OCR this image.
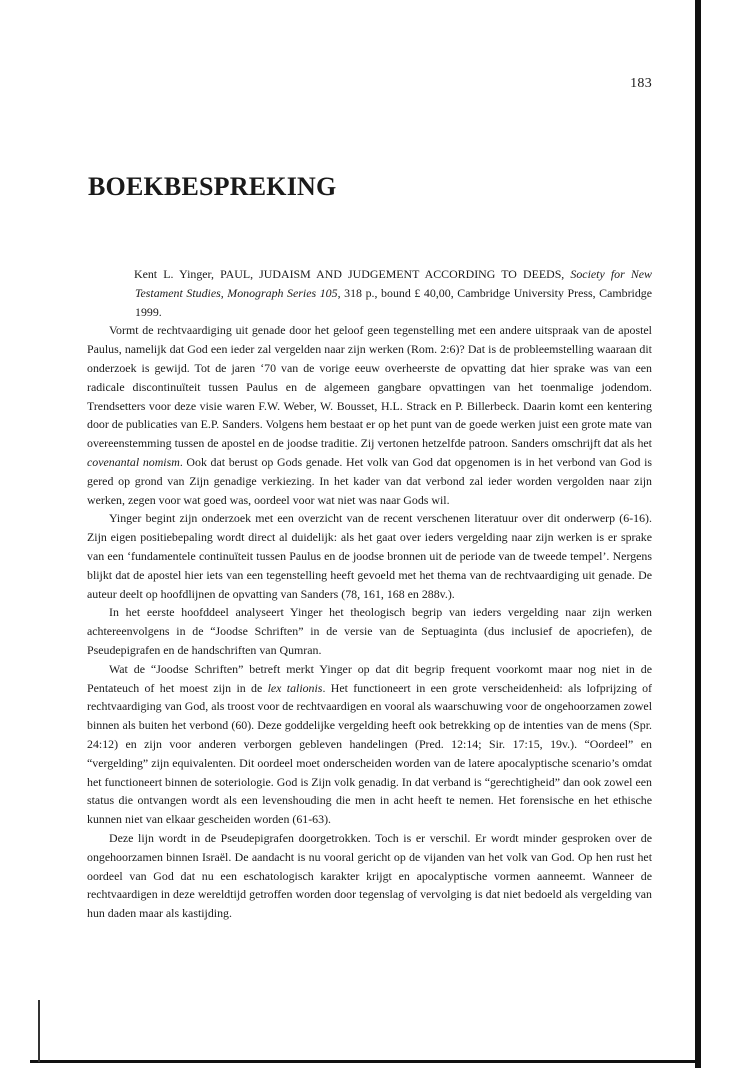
183
BOEKBESPREKING

Kent L. Yinger, PAUL, JUDAISM AND JUDGEMENT ACCORDING TO DEEDS, Society for New Testament Studies, Monograph Series 105, 318 p., bound £ 40,00, Cambridge University Press, Cambridge 1999.

Vormt de rechtvaardiging uit genade door het geloof geen tegenstelling met een andere uitspraak van de apostel Paulus, namelijk dat God een ieder zal vergelden naar zijn werken (Rom. 2:6)? Dat is de probleemstelling waaraan dit onderzoek is gewijd. Tot de jaren ‘70 van de vorige eeuw overheerste de opvatting dat hier sprake was van een radicale discontinuïteit tussen Paulus en de algemeen gangbare opvattingen van het toenmalige jodendom. Trendsetters voor deze visie waren F.W. Weber, W. Bousset, H.L. Strack en P. Billerbeck. Daarin komt een kentering door de publicaties van E.P. Sanders. Volgens hem bestaat er op het punt van de goede werken juist een grote mate van overeenstemming tussen de apostel en de joodse traditie. Zij vertonen hetzelfde patroon. Sanders omschrijft dat als het covenantal nomism. Ook dat berust op Gods genade. Het volk van God dat opgenomen is in het verbond van God is gered op grond van Zijn genadige verkiezing. In het kader van dat verbond zal ieder worden vergolden naar zijn werken, zegen voor wat goed was, oordeel voor wat niet was naar Gods wil.

Yinger begint zijn onderzoek met een overzicht van de recent verschenen literatuur over dit onderwerp (6-16). Zijn eigen positiebepaling wordt direct al duidelijk: als het gaat over ieders vergelding naar zijn werken is er sprake van een ‘fundamentele continuïteit tussen Paulus en de joodse bronnen uit de periode van de tweede tempel’. Nergens blijkt dat de apostel hier iets van een tegenstelling heeft gevoeld met het thema van de rechtvaardiging uit genade. De auteur deelt op hoofdlijnen de opvatting van Sanders (78, 161, 168 en 288v.).

In het eerste hoofddeel analyseert Yinger het theologisch begrip van ieders vergelding naar zijn werken achtereenvolgens in de “Joodse Schriften” in de versie van de Septuaginta (dus inclusief de apocriefen), de Pseudepigrafen en de handschriften van Qumran.

Wat de “Joodse Schriften” betreft merkt Yinger op dat dit begrip frequent voorkomt maar nog niet in de Pentateuch of het moest zijn in de lex talionis. Het functioneert in een grote verscheidenheid: als lofprijzing of rechtvaardiging van God, als troost voor de rechtvaardigen en vooral als waarschuwing voor de ongehoorzamen zowel binnen als buiten het verbond (60). Deze goddelijke vergelding heeft ook betrekking op de intenties van de mens (Spr. 24:12) en zijn voor anderen verborgen gebleven handelingen (Pred. 12:14; Sir. 17:15, 19v.). “Oordeel” en “vergelding” zijn equivalenten. Dit oordeel moet onderscheiden worden van de latere apocalyptische scenario’s omdat het functioneert binnen de soteriologie. God is Zijn volk genadig. In dat verband is “gerechtigheid” dan ook zowel een status die ontvangen wordt als een levenshouding die men in acht heeft te nemen. Het forensische en het ethische kunnen niet van elkaar gescheiden worden (61-63).

Deze lijn wordt in de Pseudepigrafen doorgetrokken. Toch is er verschil. Er wordt minder gesproken over de ongehoorzamen binnen Israël. De aandacht is nu vooral gericht op de vijanden van het volk van God. Op hen rust het oordeel van God dat nu een eschatologisch karakter krijgt en apocalyptische vormen aanneemt. Wanneer de rechtvaardigen in deze wereldtijd getroffen worden door tegenslag of vervolging is dat niet bedoeld als vergelding van hun daden maar als kastijding.
